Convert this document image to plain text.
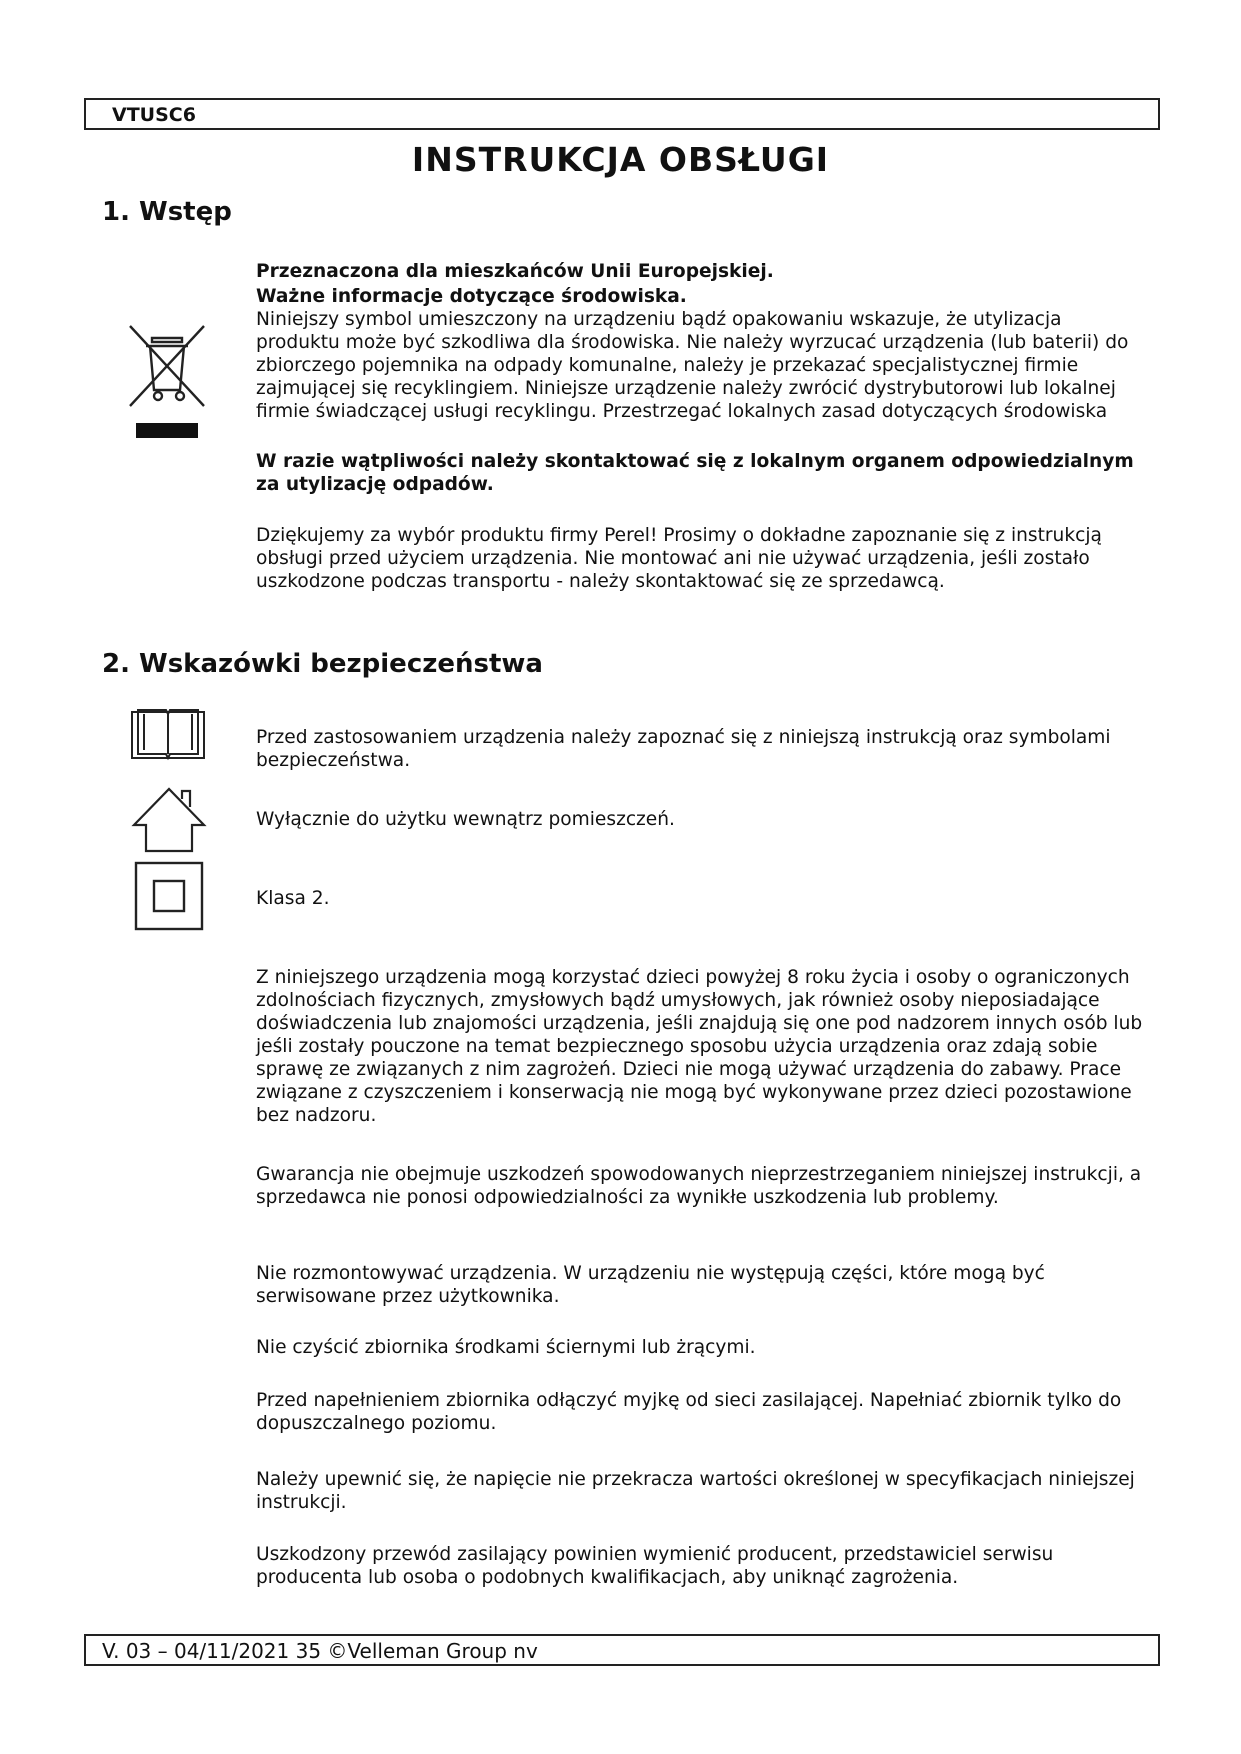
VTUSC6
INSTRUKCJA OBSŁUGI
1. Wstęp

Przeznaczona dla mieszkańców Unii Europejskiej.

Ważne informacje dotyczące środowiska.

Niniejszy symbol umieszczony na urządzeniu bądź opakowaniu wskazuje, że utylizacja produktu może być szkodliwa dla środowiska. Nie należy wyrzucać urządzenia (lub baterii) do zbiorczego pojemnika na odpady komunalne, należy je przekazać specjalistycznej firmie zajmującej się recyklingiem. Niniejsze urządzenie należy zwrócić dystrybutorowi lub lokalnej firmie świadczącej usługi recyklingu. Przestrzegać lokalnych zasad dotyczących środowiska

W razie wątpliwości należy skontaktować się z lokalnym organem odpowiedzialnym za utylizację odpadów.

Dziękujemy za wybór produktu firmy Perel! Prosimy o dokładne zapoznanie się z instrukcją obsługi przed użyciem urządzenia. Nie montować ani nie używać urządzenia, jeśli zostało uszkodzone podczas transportu - należy skontaktować się ze sprzedawcą.

2. Wskazówki bezpieczeństwa

Przed zastosowaniem urządzenia należy zapoznać się z niniejszą instrukcją oraz symbolami bezpieczeństwa.

Wyłącznie do użytku wewnątrz pomieszczeń.

Klasa 2.

Z niniejszego urządzenia mogą korzystać dzieci powyżej 8 roku życia i osoby o ograniczonych zdolnościach fizycznych, zmysłowych bądź umysłowych, jak również osoby nieposiadające doświadczenia lub znajomości urządzenia, jeśli znajdują się one pod nadzorem innych osób lub jeśli zostały pouczone na temat bezpiecznego sposobu użycia urządzenia oraz zdają sobie sprawę ze związanych z nim zagrożeń. Dzieci nie mogą używać urządzenia do zabawy. Prace związane z czyszczeniem i konserwacją nie mogą być wykonywane przez dzieci pozostawione bez nadzoru.

Gwarancja nie obejmuje uszkodzeń spowodowanych nieprzestrzeganiem niniejszej instrukcji, a sprzedawca nie ponosi odpowiedzialności za wynikłe uszkodzenia lub problemy.

Nie rozmontowywać urządzenia. W urządzeniu nie występują części, które mogą być serwisowane przez użytkownika.

Nie czyścić zbiornika środkami ściernymi lub żrącymi.

Przed napełnieniem zbiornika odłączyć myjkę od sieci zasilającej. Napełniać zbiornik tylko do dopuszczalnego poziomu.

Należy upewnić się, że napięcie nie przekracza wartości określonej w specyfikacjach niniejszej instrukcji.

Uszkodzony przewód zasilający powinien wymienić producent, przedstawiciel serwisu producenta lub osoba o podobnych kwalifikacjach, aby uniknąć zagrożenia.

V. 03 – 04/11/2021 35 ©Velleman Group nv
